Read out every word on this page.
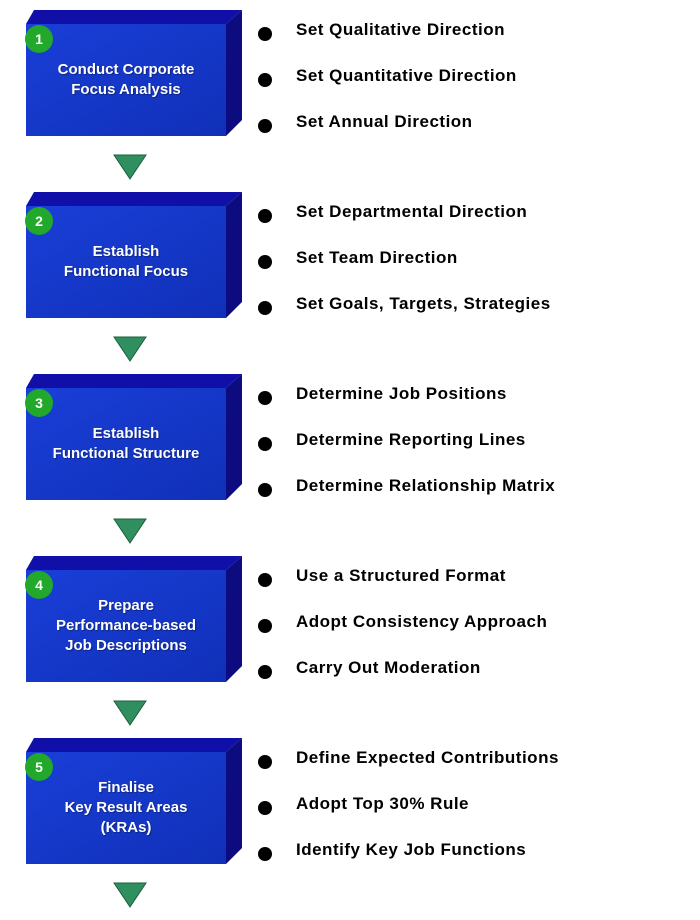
1
Conduct Corporate
Focus Analysis
Set Qualitative Direction
Set Quantitative Direction
Set Annual Direction
2
Establish
Functional Focus
Set Departmental Direction
Set Team Direction
Set Goals, Targets, Strategies
3
Establish
Functional Structure
Determine Job Positions
Determine Reporting Lines
Determine Relationship Matrix
4
Prepare
Performance-based
Job Descriptions
Use a Structured Format
Adopt Consistency Approach
Carry Out Moderation
5
Finalise
Key Result Areas
(KRAs)
Define Expected Contributions
Adopt Top 30% Rule
Identify Key Job Functions
